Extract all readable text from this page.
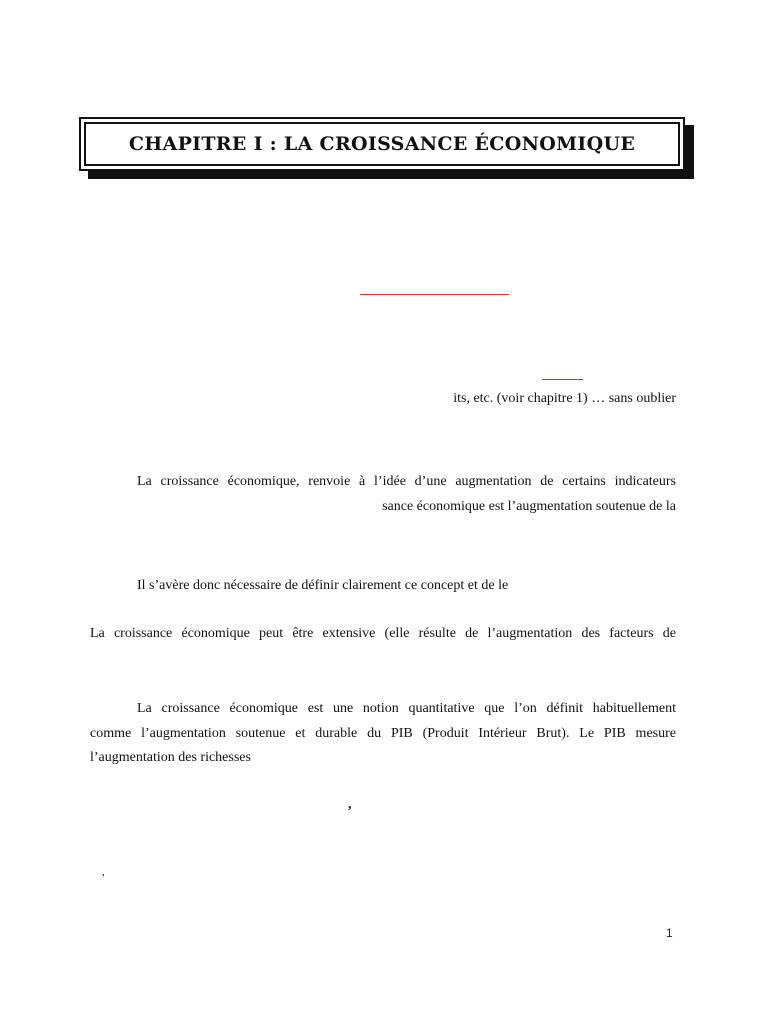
CHAPITRE I : LA CROISSANCE ÉCONOMIQUE
its, etc. (voir chapitre 1) … sans oublier
La croissance économique, renvoie à l’idée d’une augmentation de certains indicateurs
sance économique est l’augmentation soutenue de la
Il s’avère donc nécessaire de définir clairement ce concept et de le
La croissance économique peut être extensive (elle résulte de l’augmentation des facteurs de
La croissance économique est une notion quantitative que l’on définit habituellement
comme l’augmentation soutenue et durable du PIB (Produit Intérieur Brut). Le PIB mesure
l’augmentation des richesses
,
,
1
